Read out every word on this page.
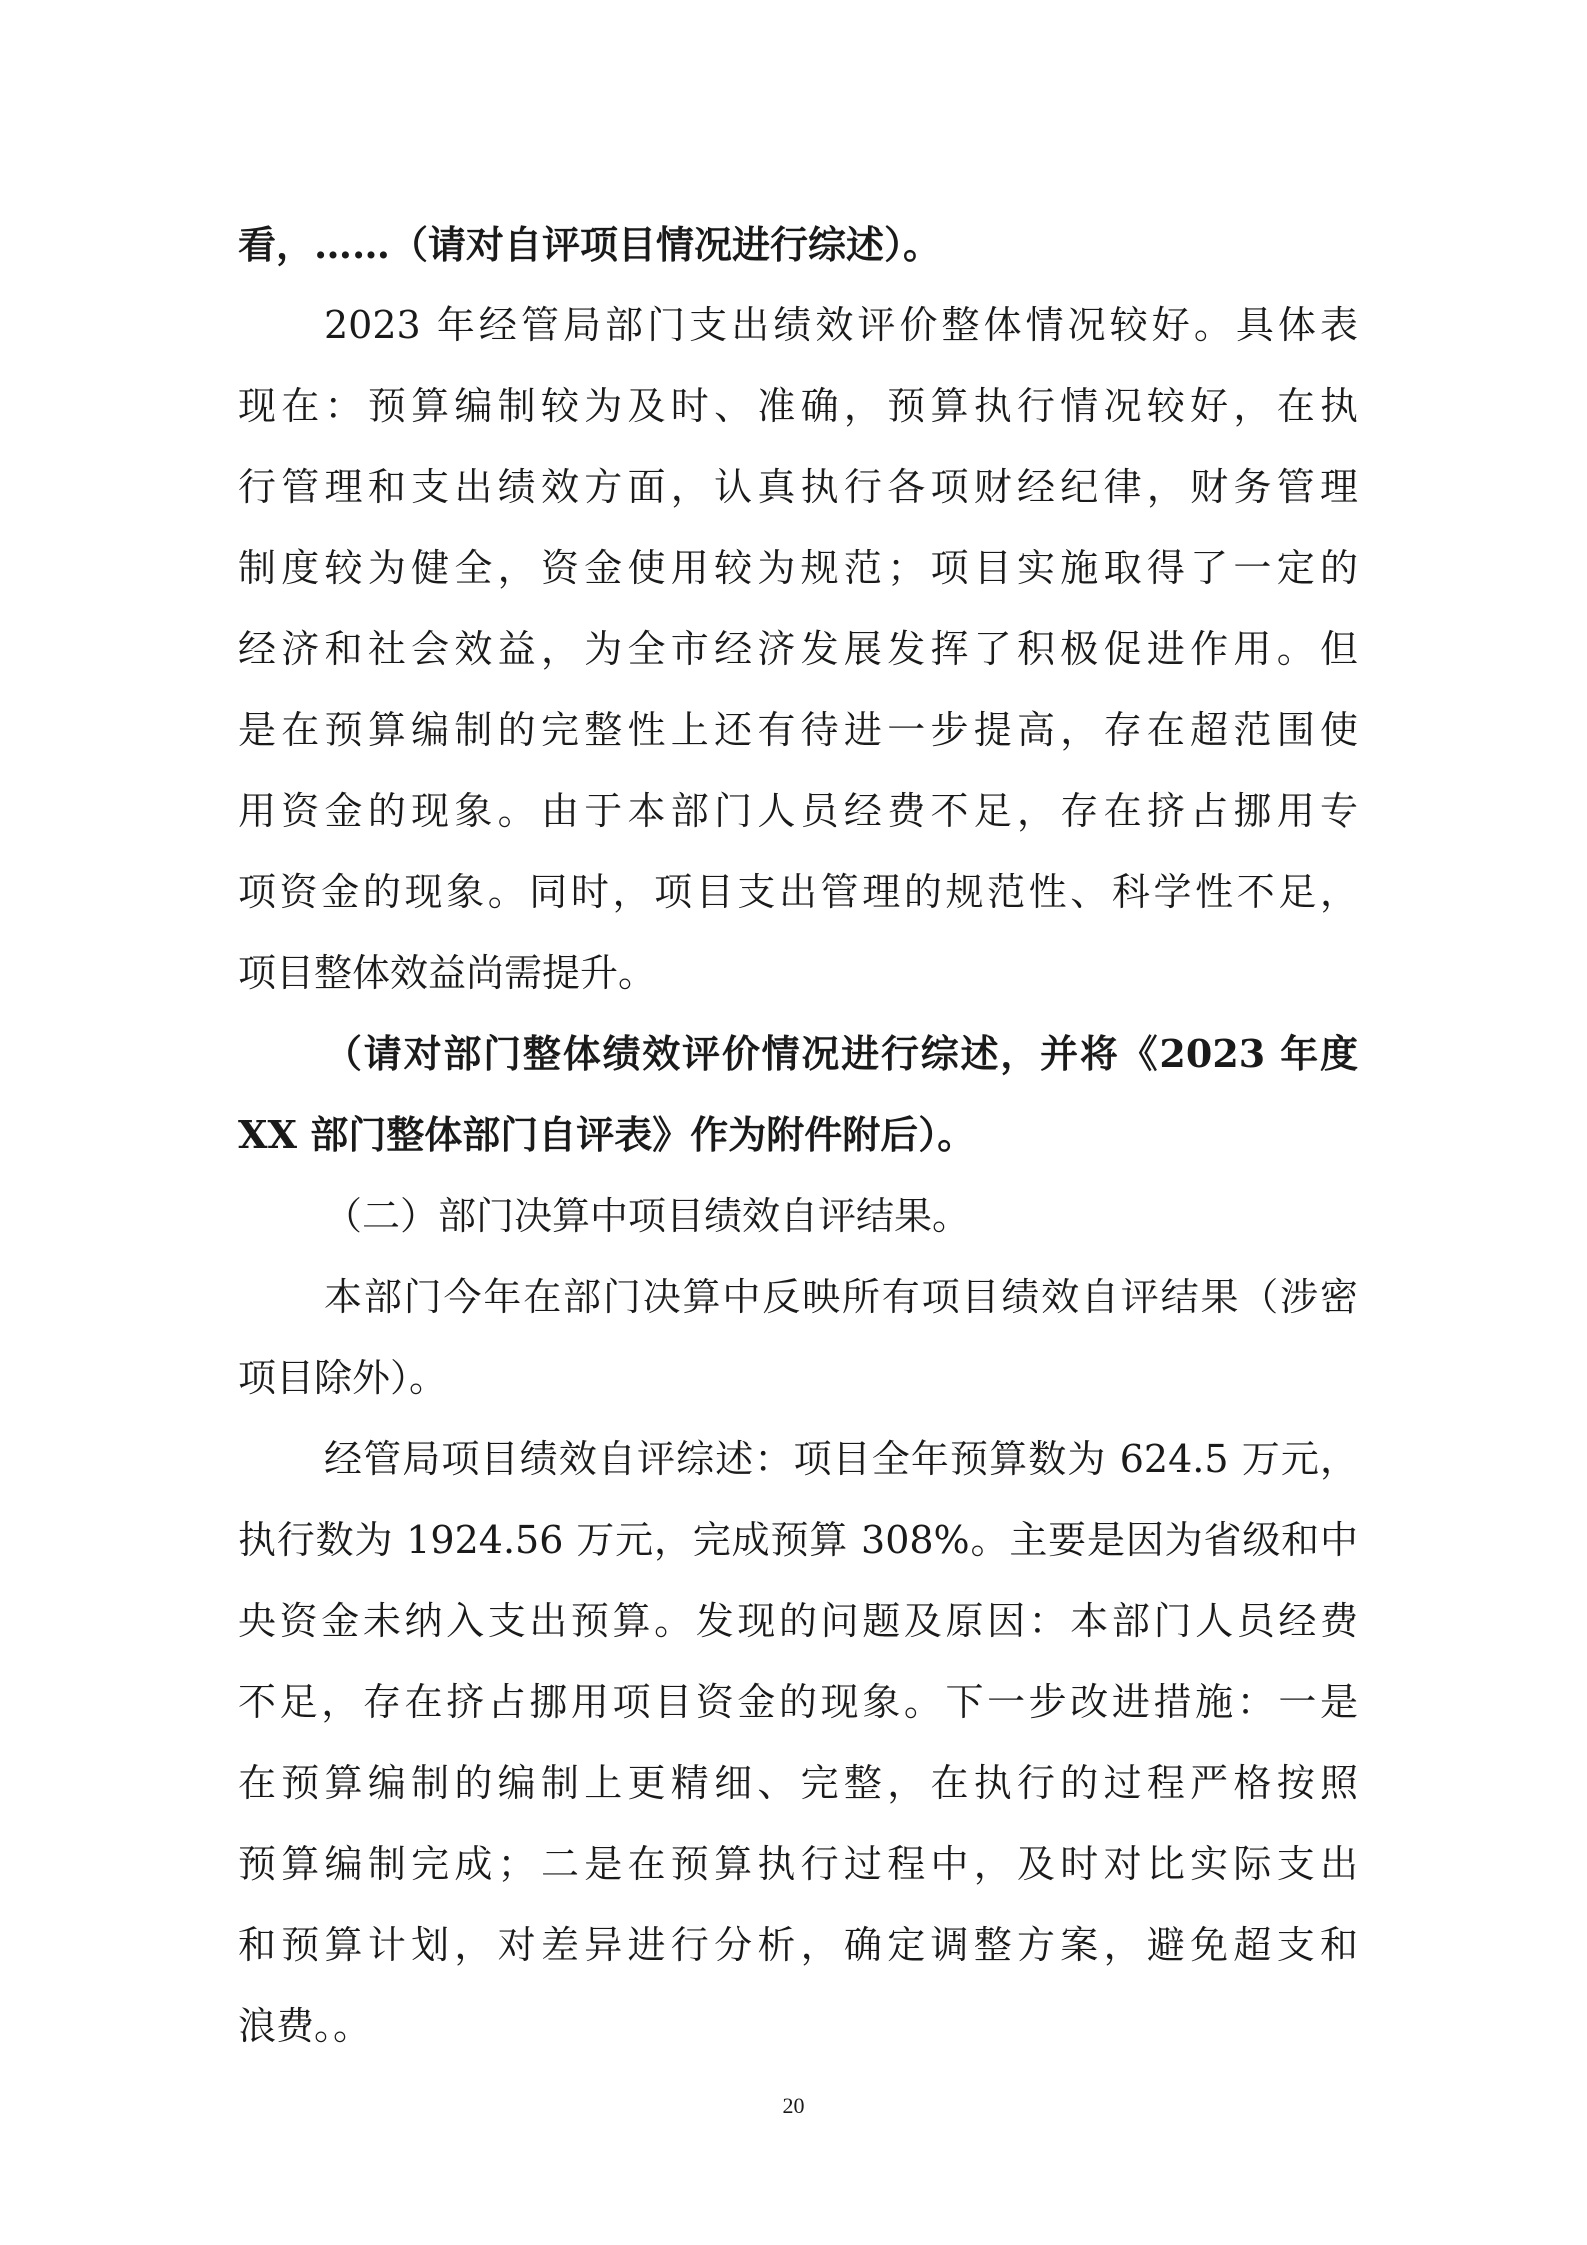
看，……（请对自评项目情况进行综述）。
2023 年经管局部门支出绩效评价整体情况较好。具体表
现在：预算编制较为及时、准确，预算执行情况较好，在执
行管理和支出绩效方面，认真执行各项财经纪律，财务管理
制度较为健全，资金使用较为规范；项目实施取得了一定的
经济和社会效益，为全市经济发展发挥了积极促进作用。但
是在预算编制的完整性上还有待进一步提高，存在超范围使
用资金的现象。由于本部门人员经费不足，存在挤占挪用专
项资金的现象。同时，项目支出管理的规范性、科学性不足，
项目整体效益尚需提升。
（请对部门整体绩效评价情况进行综述，并将《2023 年度
XX 部门整体部门自评表》作为附件附后）。
（二）部门决算中项目绩效自评结果。
本部门今年在部门决算中反映所有项目绩效自评结果（涉密
项目除外）。
经管局项目绩效自评综述：项目全年预算数为 624.5 万元，
执行数为 1924.56 万元，完成预算 308%。主要是因为省级和中
央资金未纳入支出预算。发现的问题及原因：本部门人员经费
不足，存在挤占挪用项目资金的现象。下一步改进措施：一是
在预算编制的编制上更精细、完整，在执行的过程严格按照
预算编制完成；二是在预算执行过程中，及时对比实际支出
和预算计划，对差异进行分析，确定调整方案，避免超支和
浪费。。
20
